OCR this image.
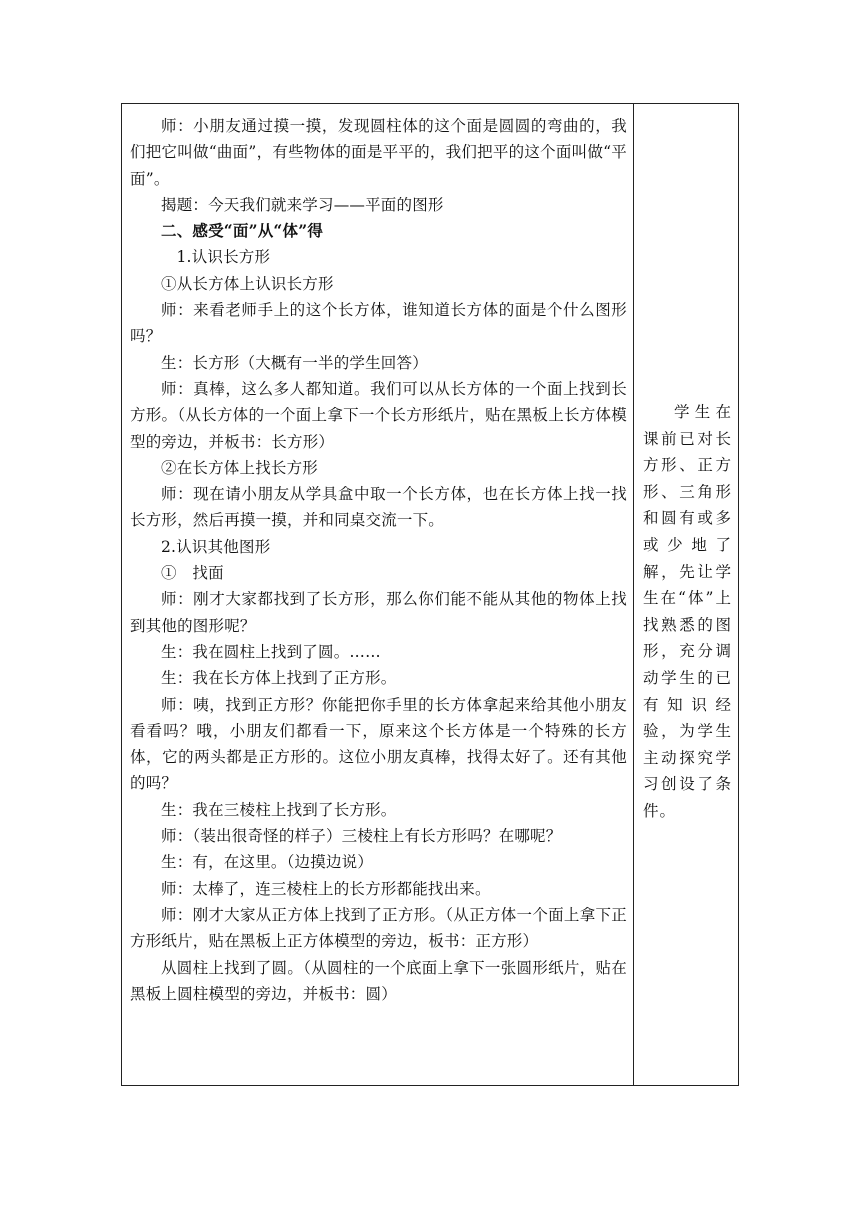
师：小朋友通过摸一摸，发现圆柱体的这个面是圆圆的弯曲的，我们把它叫做“曲面”，有些物体的面是平平的，我们把平的这个面叫做“平面”。

揭题：今天我们就来学习——平面的图形

二、感受“面”从“体”得

1.认识长方形

①从长方体上认识长方形

师：来看老师手上的这个长方体，谁知道长方体的面是个什么图形吗？

生：长方形（大概有一半的学生回答）

师：真棒，这么多人都知道。我们可以从长方体的一个面上找到长方形。（从长方体的一个面上拿下一个长方形纸片，贴在黑板上长方体模型的旁边，并板书：长方形）

②在长方体上找长方形

师：现在请小朋友从学具盒中取一个长方体，也在长方体上找一找长方形，然后再摸一摸，并和同桌交流一下。

2.认识其他图形

①　找面

师：刚才大家都找到了长方形，那么你们能不能从其他的物体上找到其他的图形呢？

生：我在圆柱上找到了圆。……

生：我在长方体上找到了正方形。

师：咦，找到正方形？你能把你手里的长方体拿起来给其他小朋友看看吗？哦，小朋友们都看一下，原来这个长方体是一个特殊的长方体，它的两头都是正方形的。这位小朋友真棒，找得太好了。还有其他的吗？

生：我在三棱柱上找到了长方形。

师：（装出很奇怪的样子）三棱柱上有长方形吗？在哪呢？

生：有，在这里。（边摸边说）

师：太棒了，连三棱柱上的长方形都能找出来。

师：刚才大家从正方体上找到了正方形。（从正方体一个面上拿下正方形纸片，贴在黑板上正方体模型的旁边，板书：正方形）

从圆柱上找到了圆。（从圆柱的一个底面上拿下一张圆形纸片，贴在黑板上圆柱模型的旁边，并板书：圆）

学生在课前已对长方形、正方形、三角形和圆有或多或少地了解，先让学生在“体”上找熟悉的图形，充分调动学生的已有知识经验，为学生主动探究学习创设了条件。
